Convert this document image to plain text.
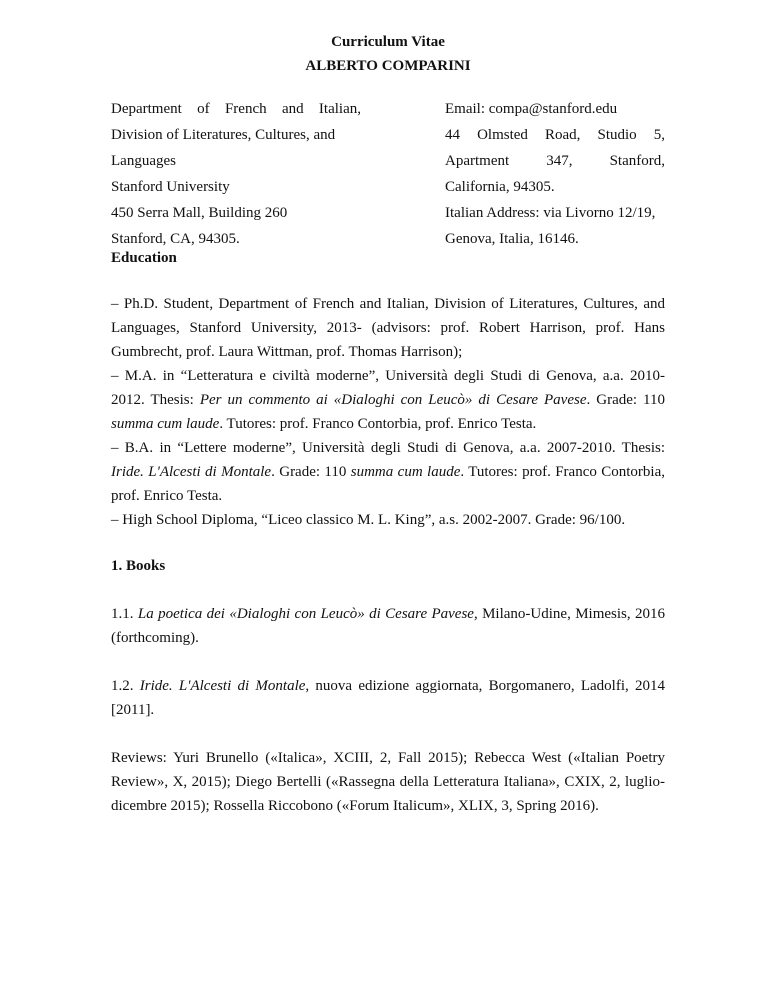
Curriculum Vitae
ALBERTO COMPARINI
Department of French and Italian,
Division of Literatures, Cultures, and
Languages
Stanford University
450 Serra Mall, Building 260
Stanford, CA, 94305.
Email: compa@stanford.edu
44 Olmsted Road, Studio 5,
Apartment 347, Stanford,
California, 94305.
Italian Address: via Livorno 12/19,
Genova, Italia, 16146.

Education

– Ph.D. Student, Department of French and Italian, Division of Literatures, Cultures, and Languages, Stanford University, 2013- (advisors: prof. Robert Harrison, prof. Hans Gumbrecht, prof. Laura Wittman, prof. Thomas Harrison);

– M.A. in “Letteratura e civiltà moderne”, Università degli Studi di Genova, a.a. 2010-2012. Thesis: Per un commento ai «Dialoghi con Leucò» di Cesare Pavese. Grade: 110 summa cum laude. Tutores: prof. Franco Contorbia, prof. Enrico Testa.

– B.A. in “Lettere moderne”, Università degli Studi di Genova, a.a. 2007-2010. Thesis: Iride. L'Alcesti di Montale. Grade: 110 summa cum laude. Tutores: prof. Franco Contorbia, prof. Enrico Testa.

– High School Diploma, “Liceo classico M. L. King”, a.s. 2002-2007. Grade: 96/100.

1. Books

1.1. La poetica dei «Dialoghi con Leucò» di Cesare Pavese, Milano-Udine, Mimesis, 2016 (forthcoming).

1.2. Iride. L'Alcesti di Montale, nuova edizione aggiornata, Borgomanero, Ladolfi, 2014 [2011].

Reviews: Yuri Brunello («Italica», XCIII, 2, Fall 2015); Rebecca West («Italian Poetry Review», X, 2015); Diego Bertelli («Rassegna della Letteratura Italiana», CXIX, 2, luglio-dicembre 2015); Rossella Riccobono («Forum Italicum», XLIX, 3, Spring 2016).
